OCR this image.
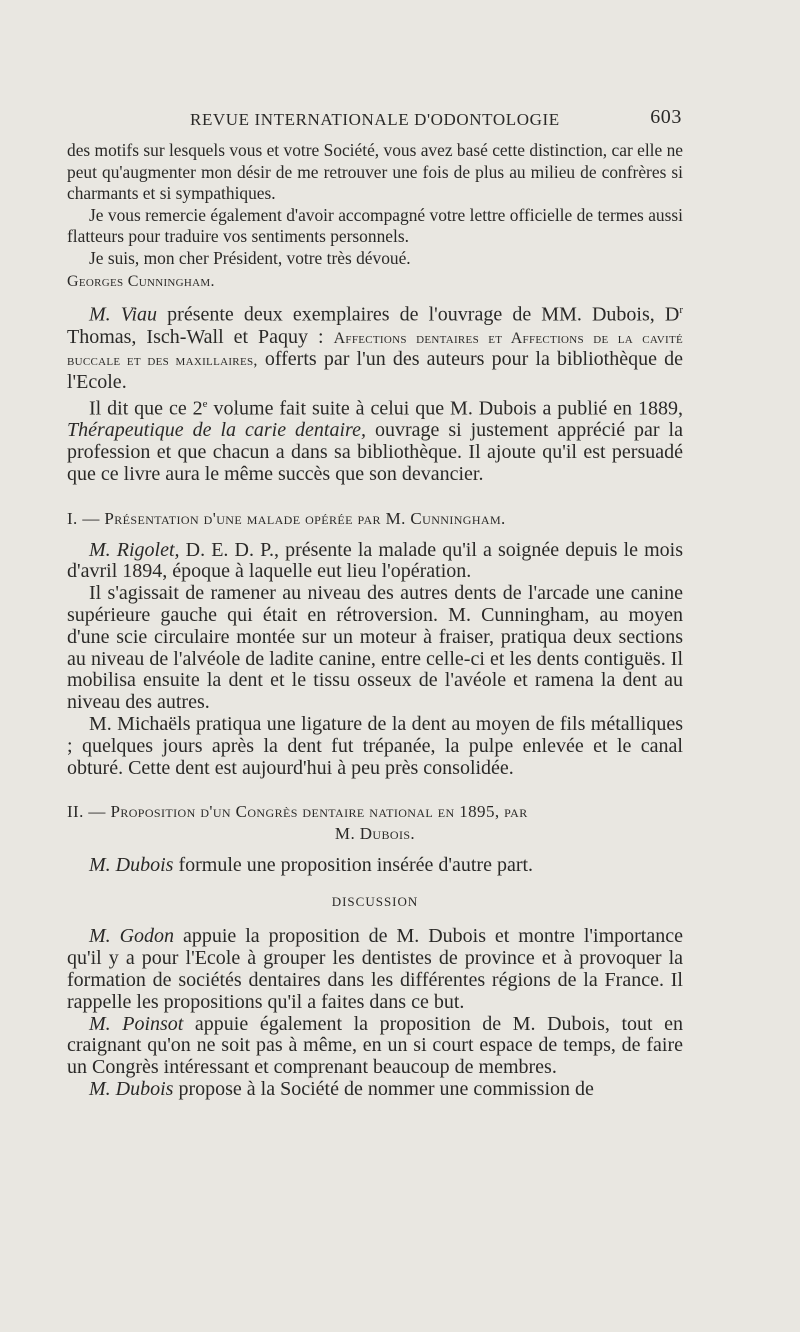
REVUE INTERNATIONALE D'ODONTOLOGIE	603

des motifs sur lesquels vous et votre Société, vous avez basé cette distinction, car elle ne peut qu'augmenter mon désir de me retrouver une fois de plus au milieu de confrères si charmants et si sympathiques.

Je vous remercie également d'avoir accompagné votre lettre officielle de termes aussi flatteurs pour traduire vos sentiments personnels.

Je suis, mon cher Président, votre très dévoué.

Georges Cunningham.

M. Viau présente deux exemplaires de l'ouvrage de MM. Dubois, $D^r$ Thomas, Isch-Wall et Paquy : Affections dentaires et Affections de la cavité buccale et des maxillaires, offerts par l'un des auteurs pour la bibliothèque de l'Ecole.

Il dit que ce 2e volume fait suite à celui que M. Dubois a publié en 1889, Thérapeutique de la carie dentaire, ouvrage si justement apprécié par la profession et que chacun a dans sa bibliothèque. Il ajoute qu'il est persuadé que ce livre aura le même succès que son devancier.

I. — Présentation d'une malade opérée par M. Cunningham.

M. Rigolet, D. E. D. P., présente la malade qu'il a soignée depuis le mois d'avril 1894, époque à laquelle eut lieu l'opération.

Il s'agissait de ramener au niveau des autres dents de l'arcade une canine supérieure gauche qui était en rétroversion. M. Cunningham, au moyen d'une scie circulaire montée sur un moteur à fraiser, pratiqua deux sections au niveau de l'alvéole de ladite canine, entre celle-ci et les dents contiguës. Il mobilisa ensuite la dent et le tissu osseux de l'avéole et ramena la dent au niveau des autres.

M. Michaëls pratiqua une ligature de la dent au moyen de fils métalliques ; quelques jours après la dent fut trépanée, la pulpe enlevée et le canal obturé. Cette dent est aujourd'hui à peu près consolidée.

II. — Proposition d'un Congrès dentaire national en 1895, par

M. Dubois.

M. Dubois formule une proposition insérée d'autre part.

DISCUSSION

M. Godon appuie la proposition de M. Dubois et montre l'importance qu'il y a pour l'Ecole à grouper les dentistes de province et à provoquer la formation de sociétés dentaires dans les différentes régions de la France. Il rappelle les propositions qu'il a faites dans ce but.

M. Poinsot appuie également la proposition de M. Dubois, tout en craignant qu'on ne soit pas à même, en un si court espace de temps, de faire un Congrès intéressant et comprenant beaucoup de membres.

M. Dubois propose à la Société de nommer une commission de
